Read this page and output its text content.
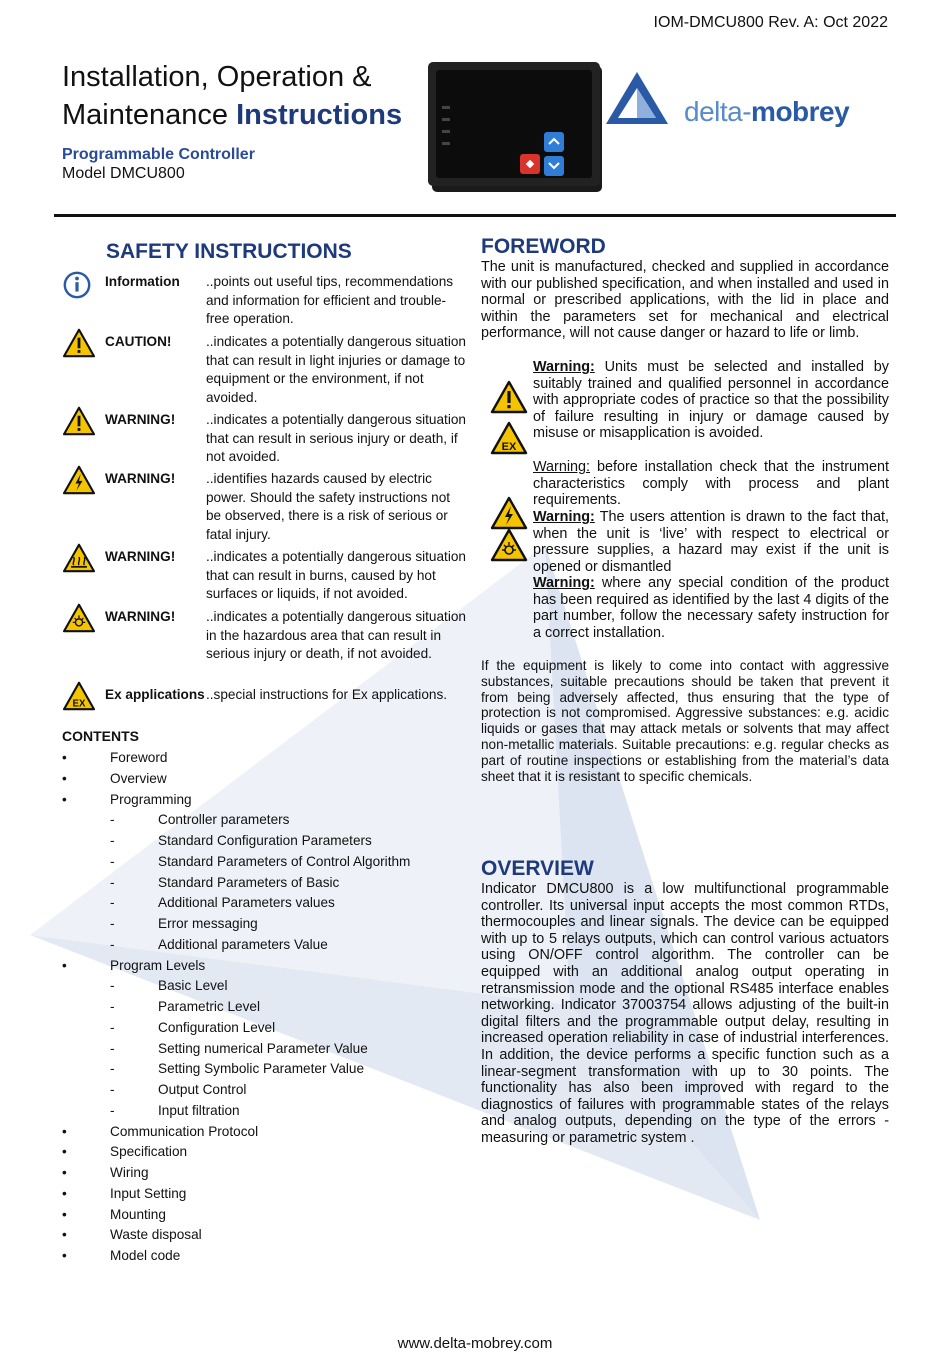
IOM-DMCU800 Rev. A: Oct 2022
Installation, Operation &
Maintenance Instructions
Programmable Controller
Model DMCU800
delta-mobrey
SAFETY INSTRUCTIONS
Information ..points out useful tips, recommendations and information for efficient and trouble-free operation.
CAUTION!	..indicates a potentially dangerous situation that can result in light injuries or damage to equipment or the environment, if not avoided.
WARNING! ..indicates a potentially dangerous situation that can result in serious injury or death, if not avoided.
WARNING! ..identifies hazards caused by electric power. Should the safety instructions not be observed, there is a risk of serious or fatal injury.
WARNING! ..indicates a potentially dangerous situation that can result in burns, caused by hot surfaces or liquids, if not avoided.
WARNING! ..indicates a potentially dangerous situation in the hazardous area that can result in serious injury or death, if not avoided.
EX
Ex applications ..special instructions for Ex applications.
CONTENTS
•	Foreword
•	Overview
•	Programming
-	Controller parameters
-	Standard Configuration Parameters
-	Standard Parameters of Control Algorithm
-	Standard Parameters of Basic
-	Additional Parameters values
-	Error messaging
-	Additional parameters Value
•	Program Levels
-	Basic Level
-	Parametric Level
-	Configuration Level
-	Setting numerical Parameter Value
-	Setting Symbolic Parameter Value
-	Output Control
-	Input filtration
•	Communication Protocol
•	Specification
•	Wiring
•	Input Setting
•	Mounting
•	Waste disposal
•	Model code
FOREWORD
The unit is manufactured, checked and supplied in accordance with our published specification, and when installed and used in normal or prescribed applications, with the lid in place and within the parameters set for mechanical and electrical performance, will not cause danger or hazard to life or limb.
EX
Warning: Units must be selected and installed by suitably trained and qualified personnel in accordance with appropriate codes of practice so that the possibility of failure resulting in injury or damage caused by misuse or misapplication is avoided.
Warning: before installation check that the instrument characteristics comply with process and plant requirements.
Warning: The users attention is drawn to the fact that, when the unit is ‘live’ with respect to electrical or pressure supplies, a hazard may exist if the unit is opened or dismantled
Warning: where any special condition of the product has been required as identified by the last 4 digits of the part number, follow the necessary safety instruction for a correct installation.
If the equipment is likely to come into contact with aggressive substances, suitable precautions should be taken that prevent it from being adversely affected, thus ensuring that the type of protection is not compromised. Aggressive substances: e.g. acidic liquids or gases that may attack metals or solvents that may affect non-metallic materials. Suitable precautions: e.g. regular checks as part of routine inspections or establishing from the material’s data sheet that it is resistant to specific chemicals.
OVERVIEW
Indicator DMCU800 is a low multifunctional programmable controller. Its universal input accepts the most common RTDs, thermocouples and linear signals. The device can be equipped with up to 5 relays outputs, which can control various actuators using ON/OFF control algorithm. The controller can be equipped with an additional analog output operating in retransmission mode and the optional RS485 interface enables networking. Indicator 37003754 allows adjusting of the built-in digital filters and the programmable output delay, resulting in increased operation reliability in case of industrial interferences. In addition, the device performs a specific function such as a linear-segment transformation with up to 30 points. The functionality has also been improved with regard to the diagnostics of failures with programmable states of the relays and analog outputs, depending on the type of the errors - measuring or parametric system .
www.delta-mobrey.com
